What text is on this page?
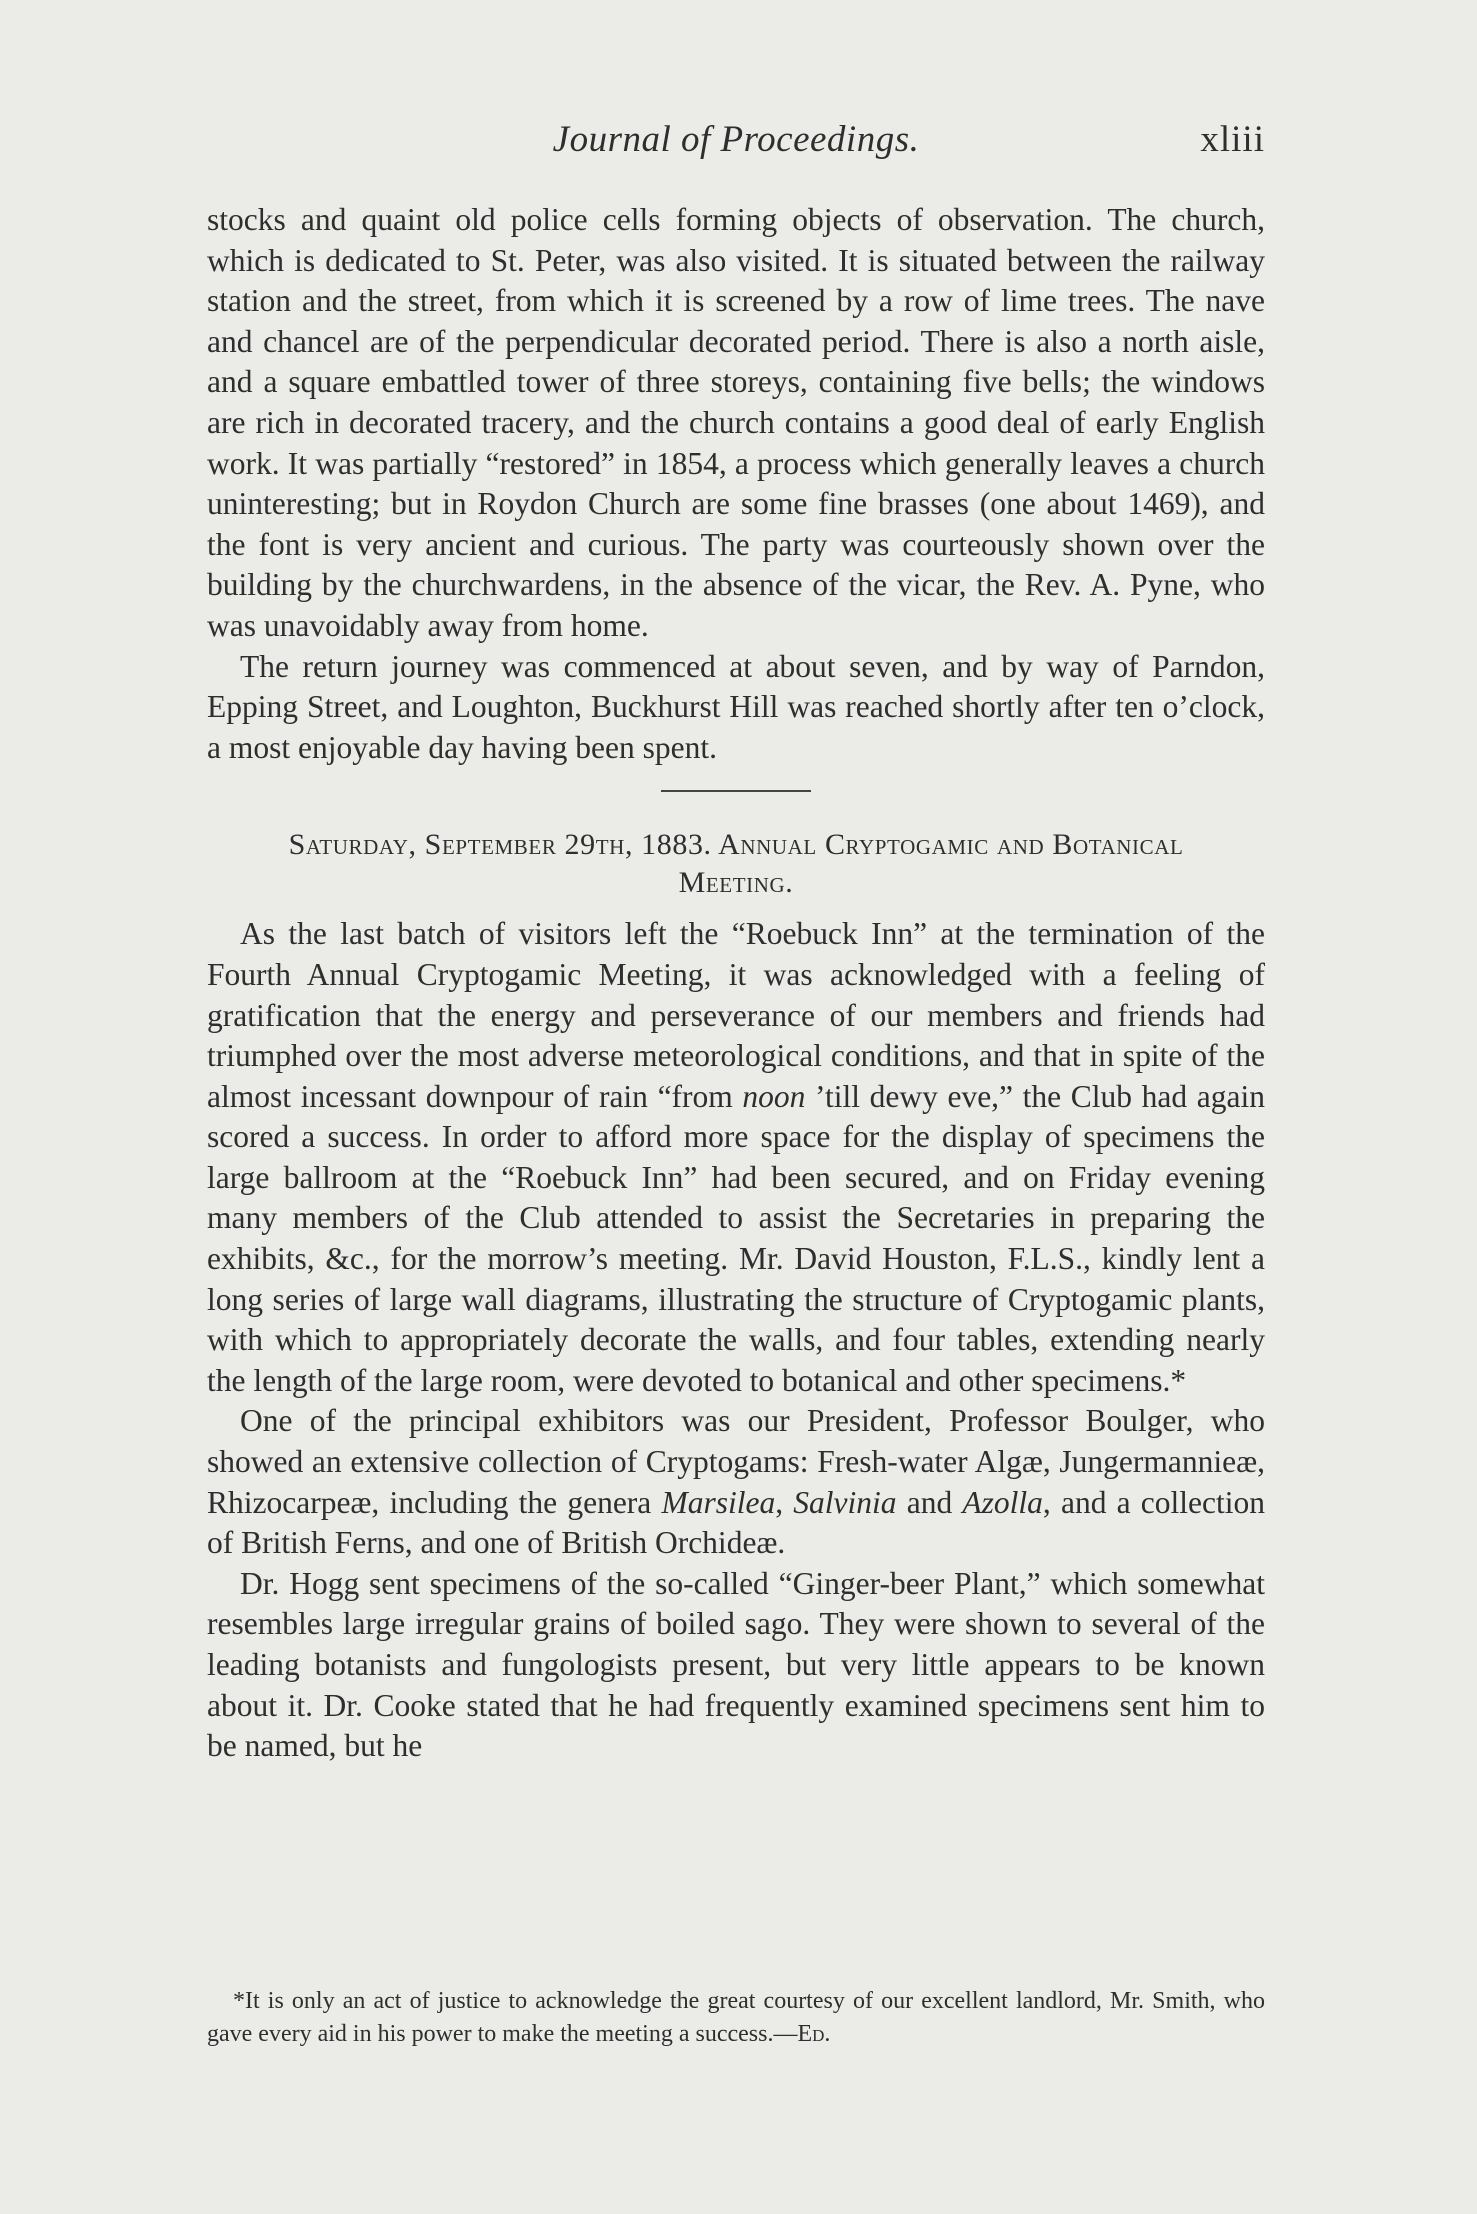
Journal of Proceedings.	xliii

stocks and quaint old police cells forming objects of observation. The church, which is dedicated to St. Peter, was also visited. It is situated between the railway station and the street, from which it is screened by a row of lime trees. The nave and chancel are of the perpendicular decorated period. There is also a north aisle, and a square embattled tower of three storeys, containing five bells; the windows are rich in decorated tracery, and the church contains a good deal of early English work. It was partially “restored” in 1854, a process which generally leaves a church uninteresting; but in Roydon Church are some fine brasses (one about 1469), and the font is very ancient and curious. The party was courteously shown over the building by the churchwardens, in the absence of the vicar, the Rev. A. Pyne, who was unavoidably away from home.

The return journey was commenced at about seven, and by way of Parndon, Epping Street, and Loughton, Buckhurst Hill was reached shortly after ten o’clock, a most enjoyable day having been spent.

Saturday, September 29th, 1883. Annual Cryptogamic and Botanical
Meeting.

As the last batch of visitors left the “Roebuck Inn” at the termination of the Fourth Annual Cryptogamic Meeting, it was acknowledged with a feeling of gratification that the energy and perseverance of our members and friends had triumphed over the most adverse meteorological conditions, and that in spite of the almost incessant downpour of rain “from noon ’till dewy eve,” the Club had again scored a success. In order to afford more space for the display of specimens the large ballroom at the “Roebuck Inn” had been secured, and on Friday evening many members of the Club attended to assist the Secretaries in preparing the exhibits, &c., for the morrow’s meeting. Mr. David Houston, F.L.S., kindly lent a long series of large wall diagrams, illustrating the structure of Cryptogamic plants, with which to appropriately decorate the walls, and four tables, extending nearly the length of the large room, were devoted to botanical and other specimens.*

One of the principal exhibitors was our President, Professor Boulger, who showed an extensive collection of Cryptogams: Fresh-water Algæ, Jungermannieæ, Rhizocarpeæ, including the genera Marsilea, Salvinia and Azolla, and a collection of British Ferns, and one of British Orchideæ.

Dr. Hogg sent specimens of the so-called “Ginger-beer Plant,” which somewhat resembles large irregular grains of boiled sago. They were shown to several of the leading botanists and fungologists present, but very little appears to be known about it. Dr. Cooke stated that he had frequently examined specimens sent him to be named, but he

*It is only an act of justice to acknowledge the great courtesy of our excellent landlord, Mr. Smith, who gave every aid in his power to make the meeting a success.—Ed.
